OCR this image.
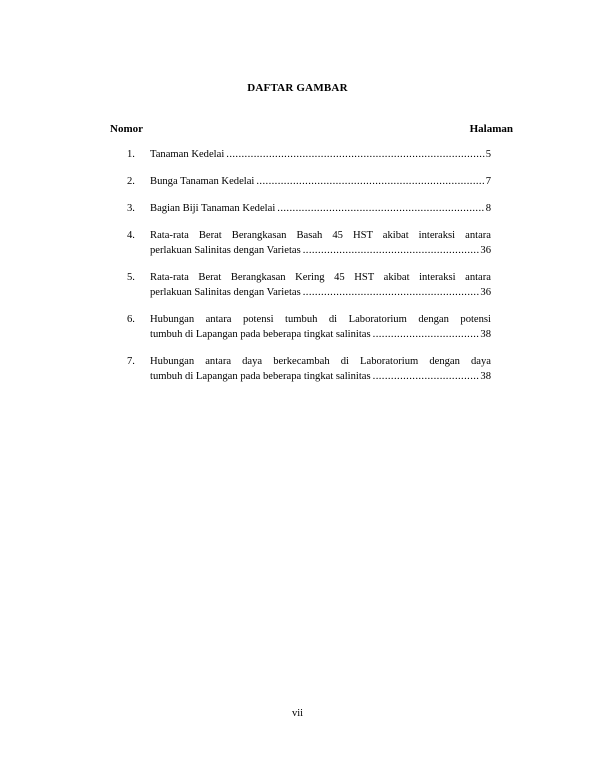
DAFTAR GAMBAR
Nomor	Halaman
1.	Tanaman Kedelai .....	5
2.	Bunga Tanaman Kedelai .....	7
3.	Bagian Biji Tanaman Kedelai .....	8
4.	Rata-rata Berat Berangkasan Basah 45 HST akibat interaksi antara
perlakuan Salinitas dengan Varietas .....	36
5.	Rata-rata Berat Berangkasan Kering 45 HST akibat interaksi antara
perlakuan Salinitas dengan Varietas .....	36
6.	Hubungan antara potensi tumbuh di Laboratorium dengan potensi
tumbuh di Lapangan pada beberapa tingkat salinitas .....	38
7.	Hubungan antara daya berkecambah di Laboratorium dengan daya
tumbuh di Lapangan pada beberapa tingkat salinitas .....	38
vii
